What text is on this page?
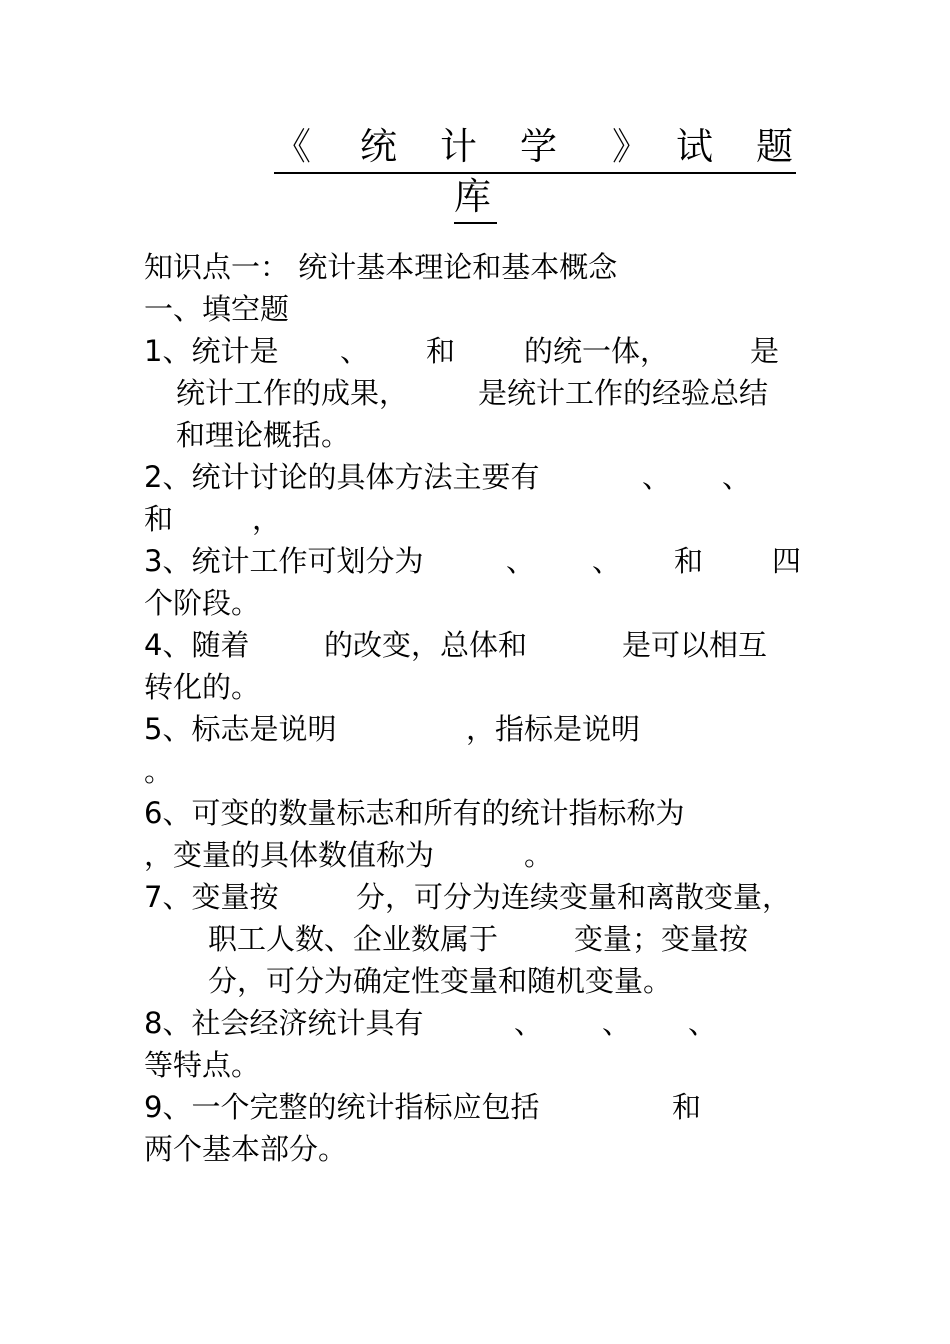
《 统 计 学 》 试 题
库
知识点一： 统计基本理论和基本概念
一、填空题
1、统计是 、 和 的统一体，	是
统计工作的成果， 是统计工作的经验总结
和理论概括。
2、统计讨论的具体方法主要有	、 、
和	，
3、统计工作可划分为	、 、 和 四
个阶段。
4、随着	的改变，总体和	是可以相互
转化的。
5、标志是说明	，指标是说明
。
6、可变的数量标志和所有的统计指标称为
，变量的具体数值称为	。
7、变量按	分，可分为连续变量和离散变量，
职工人数、企业数属于	变量；变量按
分，可分为确定性变量和随机变量。
8、社会经济统计具有	、 、 、
等特点。
9、一个完整的统计指标应包括	和
两个基本部分。
